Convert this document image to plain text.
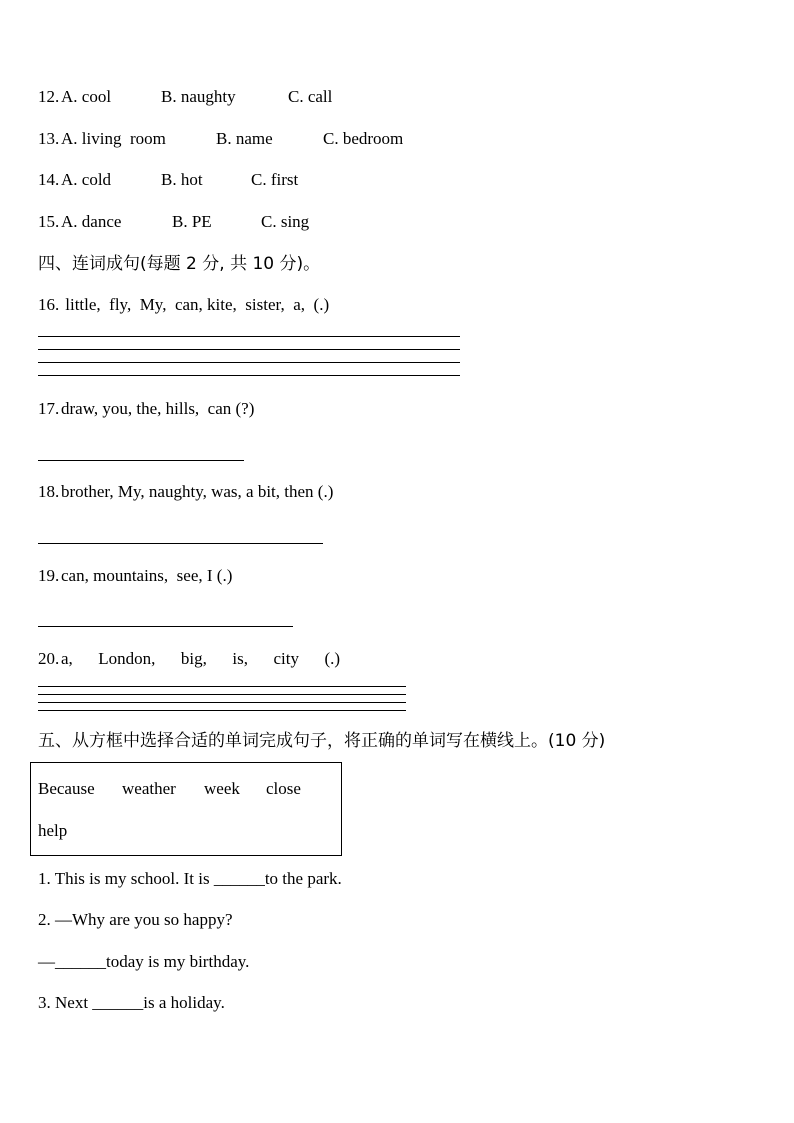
12. A. cool	B. naughty	C. call
13. A. living  room	B. name	C. bedroom
14. A. cold	B. hot	C. first
15. A. dance	B. PE	C. sing
四、连词成句(每题 2 分, 共 10 分)。
16. little,  fly,  My,  can, kite,  sister,  a,  (.)
17. draw, you, the, hills,  can (?)
18. brother, My, naughty, was, a bit, then (.)
19. can, mountains,  see, I (.)
20. a,      London,      big,      is,      city      (.)
五、从方框中选择合适的单词完成句子，将正确的单词写在横线上。(10 分)
Because weather week close
help
1. This is my school. It is ______to the park.
2. —Why are you so happy?
—______today is my birthday.
3. Next ______is a holiday.
